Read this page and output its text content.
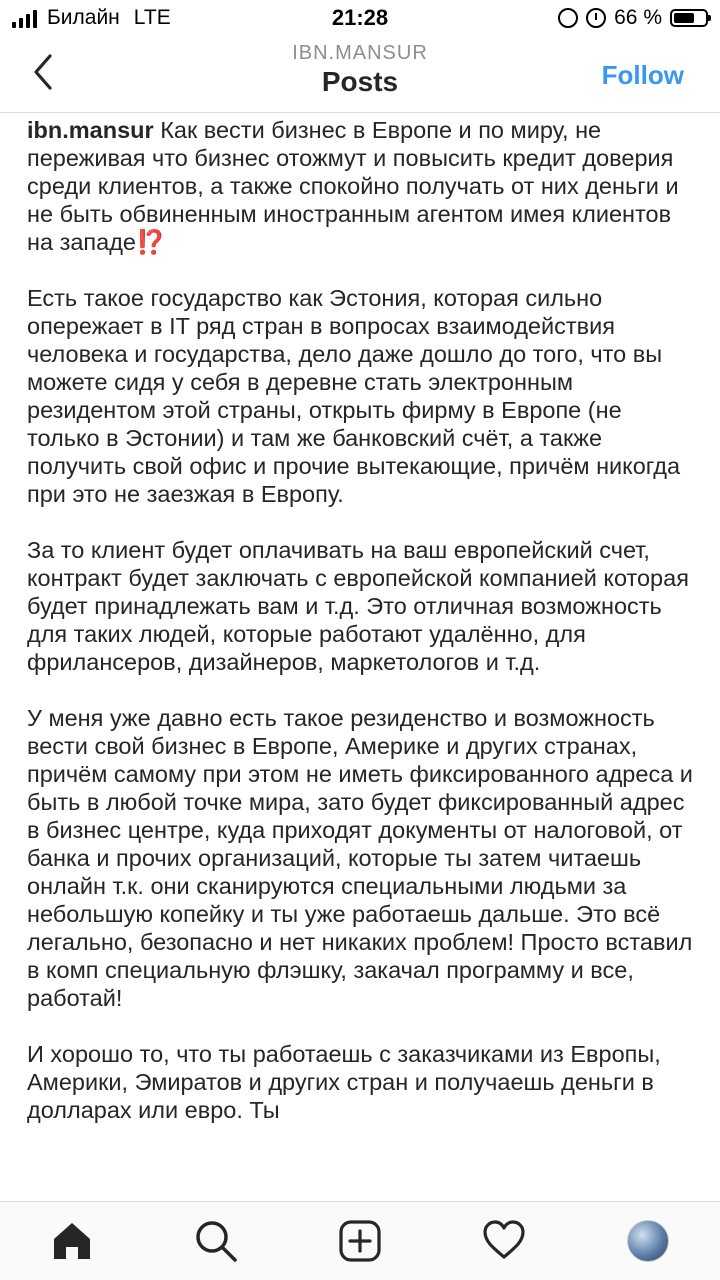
Билайн LTE	21:28	66 %
IBN.MANSUR
Posts	Follow

ibn.mansur Как вести бизнес в Европе и по миру, не переживая что бизнес отожмут и повысить кредит доверия среди клиентов, а также спокойно получать от них деньги и не быть обвиненным иностранным агентом имея клиентов на западе⁉️

Есть такое государство как Эстония, которая сильно опережает в IT ряд стран в вопросах взаимодействия человека и государства, дело даже дошло до того, что вы можете сидя у себя в деревне стать электронным резидентом этой страны, открыть фирму в Европе (не только в Эстонии) и там же банковский счёт, а также получить свой офис и прочие вытекающие, причём никогда при это не заезжая в Европу.

За то клиент будет оплачивать на ваш европейский счет, контракт будет заключать с европейской компанией которая будет принадлежать вам и т.д. Это отличная возможность для таких людей, которые работают удалённо, для фрилансеров, дизайнеров, маркетологов и т.д.

У меня уже давно есть такое резиденство и возможность вести свой бизнес в Европе, Америке и других странах, причём самому при этом не иметь фиксированного адреса и быть в любой точке мира, зато будет фиксированный адрес в бизнес центре, куда приходят документы от налоговой, от банка и прочих организаций, которые ты затем читаешь онлайн т.к. они сканируются специальными людьми за небольшую копейку и ты уже работаешь дальше. Это всё легально, безопасно и нет никаких проблем! Просто вставил в комп специальную флэшку, закачал программу и все, работай!

И хорошо то, что ты работаешь с заказчиками из Европы, Америки, Эмиратов и других стран и получаешь деньги в долларах или евро. Ты
